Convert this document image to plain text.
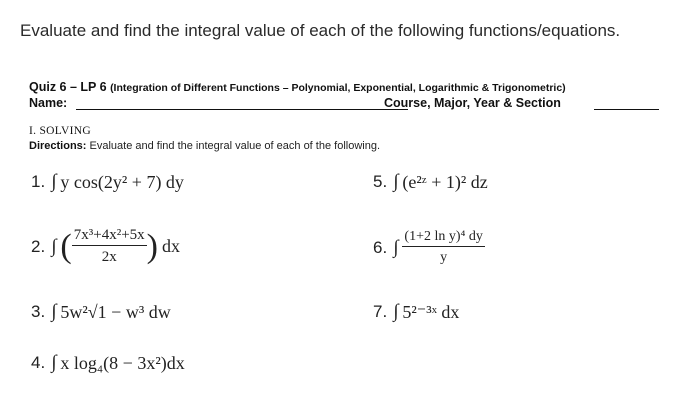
Evaluate and find the integral value of each of the following functions/equations.
Quiz 6 – LP 6 (Integration of Different Functions – Polynomial, Exponential, Logarithmic & Trigonometric)
Name:	Course, Major, Year & Section
I. SOLVING
Directions: Evaluate and find the integral value of each of the following.
1. ∫ y cos(2y² + 7) dy	5. ∫ (e²ᶻ + 1)² dz
2. ∫ ( $\frac{\text{7x³+4x²+5x}}{2x}$ ) dx	6. ∫ $\frac{\text{(1+2 ln y)⁴ dy}}{y}$
3. ∫ 5w²√1 − w³ dw	7. ∫ 5²⁻³ˣ dx
4. ∫ x log₄(8 − 3x²)dx
